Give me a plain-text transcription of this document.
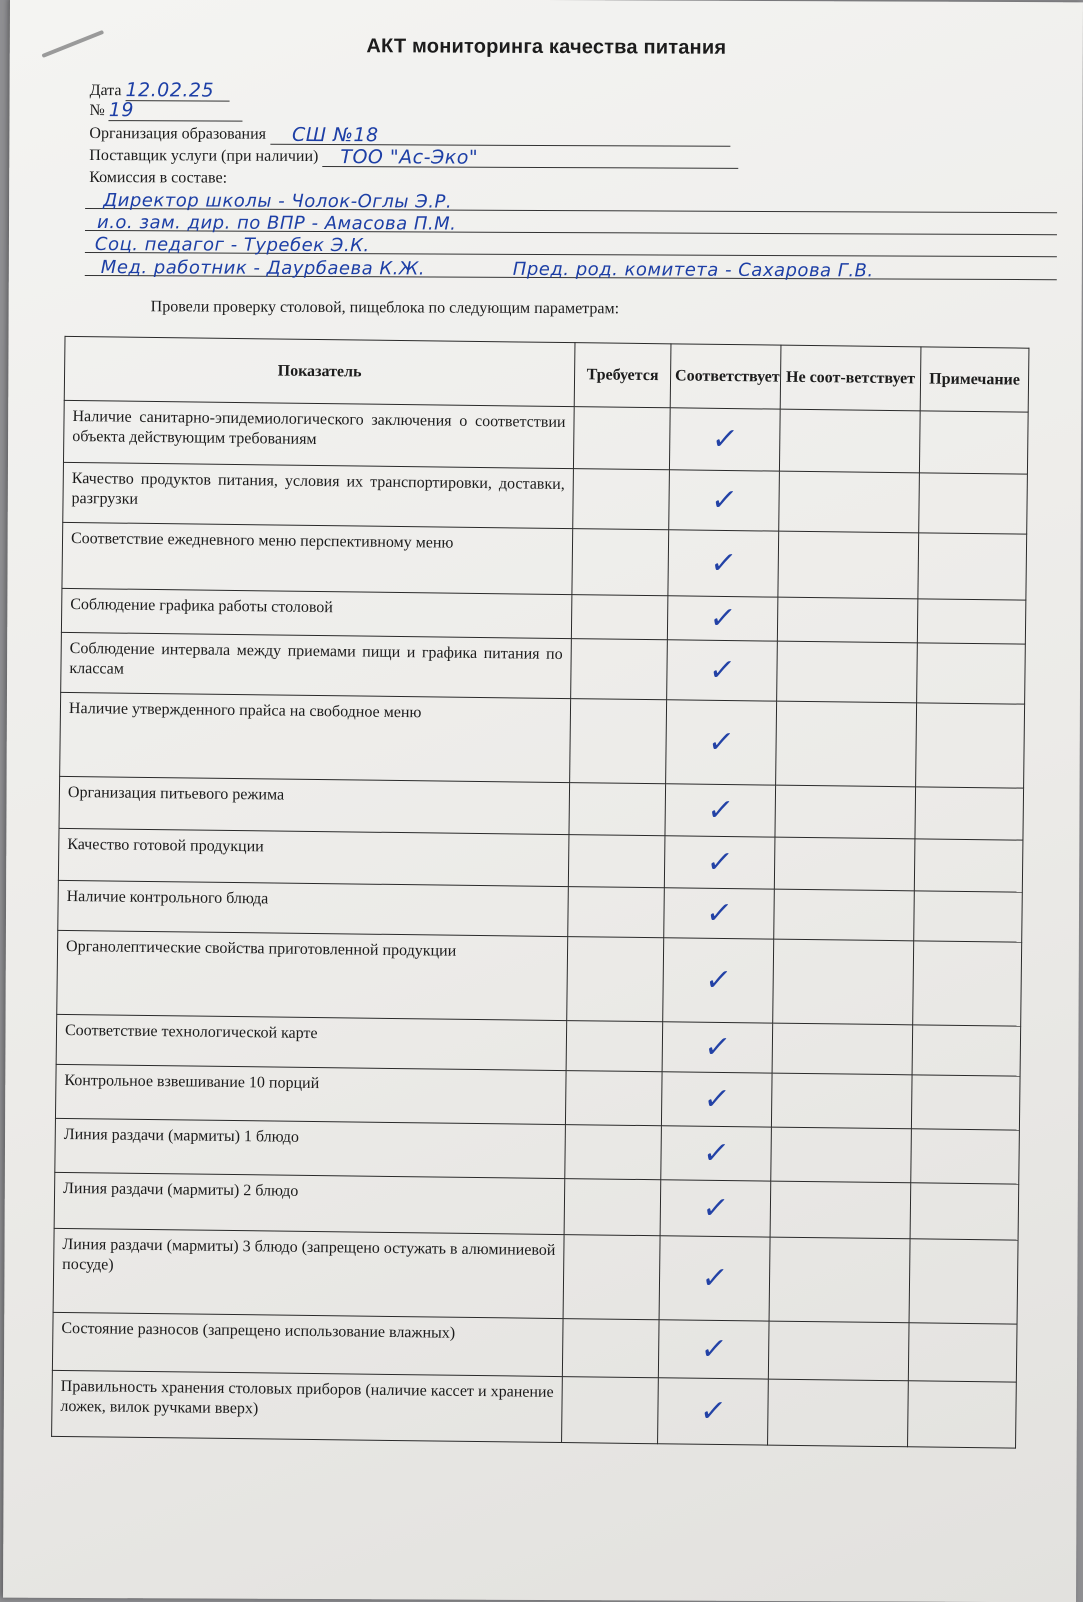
АКТ мониторинга качества питания
Дата 12.02.25
№ 19
Организация образования СШ №18
Поставщик услуги (при наличии) ТОО "Ас-Эко"
Комиссия в составе:
Директор школы - Чолок-Оглы Э.Р.
и.о. зам. дир. по ВПР - Амасова П.М.
Соц. педагог - Туребек Э.К.
Мед. работник - Даурбаева К.Ж.	Пред. род. комитета - Сахарова Г.В.
Провели проверку столовой, пищеблока по следующим параметрам:
Показатель	Требуется	Соответствует	Не соот-ветствует	Примечание
Наличие санитарно-эпидемиологического заключения о соответствии объекта действующим требованиям		✓		
Качество продуктов питания, условия их транспортировки, доставки, разгрузки		✓		
Соответствие ежедневного меню перспективному меню		✓		
Соблюдение графика работы столовой		✓		
Соблюдение интервала между приемами пищи и графика питания по классам		✓		
Наличие утвержденного прайса на свободное меню		✓		
Организация питьевого режима		✓		
Качество готовой продукции		✓		
Наличие контрольного блюда		✓		
Органолептические свойства приготовленной продукции		✓		
Соответствие технологической карте		✓		
Контрольное взвешивание 10 порций		✓		
Линия раздачи (мармиты) 1 блюдо		✓		
Линия раздачи (мармиты) 2 блюдо		✓		
Линия раздачи (мармиты) 3 блюдо (запрещено остужать в алюминиевой посуде)		✓		
Состояние разносов (запрещено использование влажных)		✓		
Правильность хранения столовых приборов (наличие кассет и хранение ложек, вилок ручками вверх)		✓		
